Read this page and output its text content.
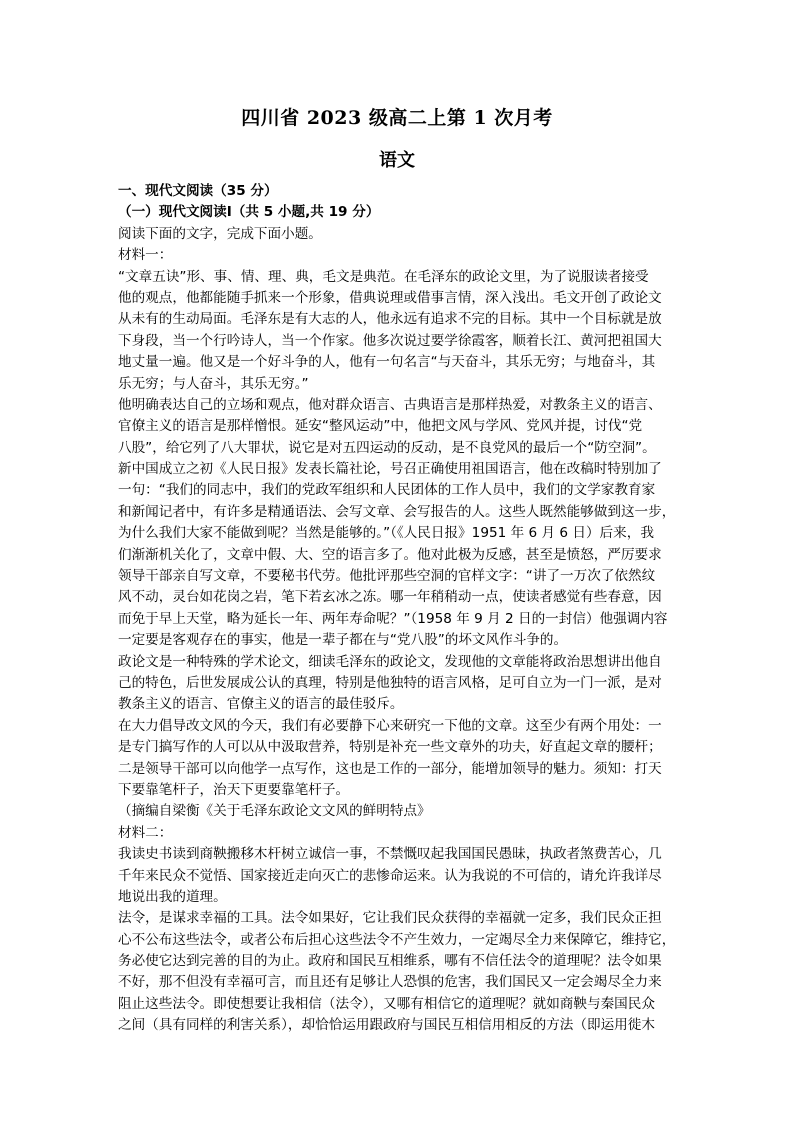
四川省 2023 级高二上第 1 次月考
语文
一、现代文阅读（35 分）
（一）现代文阅读Ⅰ（共 5 小题,共 19 分）
阅读下面的文字，完成下面小题。
材料一：
“文章五诀”形、事、情、理、典，毛文是典范。在毛泽东的政论文里，为了说服读者接受
他的观点，他都能随手抓来一个形象，借典说理或借事言情，深入浅出。毛文开创了政论文
从未有的生动局面。毛泽东是有大志的人，他永远有追求不完的目标。其中一个目标就是放
下身段，当一个行吟诗人，当一个作家。他多次说过要学徐霞客，顺着长江、黄河把祖国大
地丈量一遍。他又是一个好斗争的人，他有一句名言“与天奋斗，其乐无穷；与地奋斗，其
乐无穷；与人奋斗，其乐无穷。”
他明确表达自己的立场和观点，他对群众语言、古典语言是那样热爱，对教条主义的语言、
官僚主义的语言是那样憎恨。延安“整风运动”中，他把文风与学风、党风并提，讨伐“党
八股”，给它列了八大罪状，说它是对五四运动的反动，是不良党风的最后一个“防空洞”。
新中国成立之初《人民日报》发表长篇社论，号召正确使用祖国语言，他在改稿时特别加了
一句：“我们的同志中，我们的党政军组织和人民团体的工作人员中，我们的文学家教育家
和新闻记者中，有许多是精通语法、会写文章、会写报告的人。这些人既然能够做到这一步，
为什么我们大家不能做到呢？当然是能够的。”（《人民日报》1951 年 6 月 6 日）后来，我
们渐渐机关化了，文章中假、大、空的语言多了。他对此极为反感，甚至是愤怒，严厉要求
领导干部亲自写文章，不要秘书代劳。他批评那些空洞的官样文字：“讲了一万次了依然纹
风不动，灵台如花岗之岩，笔下若玄冰之冻。哪一年稍稍动一点，使读者感觉有些春意，因
而免于早上天堂，略为延长一年、两年寿命呢？”（1958 年 9 月 2 日的一封信）他强调内容
一定要是客观存在的事实，他是一辈子都在与“党八股”的坏文风作斗争的。
政论文是一种特殊的学术论文，细读毛泽东的政论文，发现他的文章能将政治思想讲出他自
己的特色，后世发展成公认的真理，特别是他独特的语言风格，足可自立为一门一派，是对
教条主义的语言、官僚主义的语言的最佳驳斥。
在大力倡导改文风的今天，我们有必要静下心来研究一下他的文章。这至少有两个用处：一
是专门搞写作的人可以从中汲取营养，特别是补充一些文章外的功夫，好直起文章的腰杆；
二是领导干部可以向他学一点写作，这也是工作的一部分，能增加领导的魅力。须知：打天
下要靠笔杆子，治天下更要靠笔杆子。
（摘编自梁衡《关于毛泽东政论文文风的鲜明特点》
材料二：
我读史书读到商鞅搬移木杆树立诚信一事，不禁慨叹起我国国民愚昧，执政者煞费苦心，几
千年来民众不觉悟、国家接近走向灭亡的悲惨命运来。认为我说的不可信的，请允许我详尽
地说出我的道理。
法令，是谋求幸福的工具。法令如果好，它让我们民众获得的幸福就一定多，我们民众正担
心不公布这些法令，或者公布后担心这些法令不产生效力，一定竭尽全力来保障它，维持它，
务必使它达到完善的目的为止。政府和国民互相维系，哪有不信任法令的道理呢？法令如果
不好，那不但没有幸福可言，而且还有足够让人恐惧的危害，我们国民又一定会竭尽全力来
阻止这些法令。即使想要让我相信（法令），又哪有相信它的道理呢？就如商鞅与秦国民众
之间（具有同样的利害关系），却恰恰运用跟政府与国民互相信用相反的方法（即运用徙木
